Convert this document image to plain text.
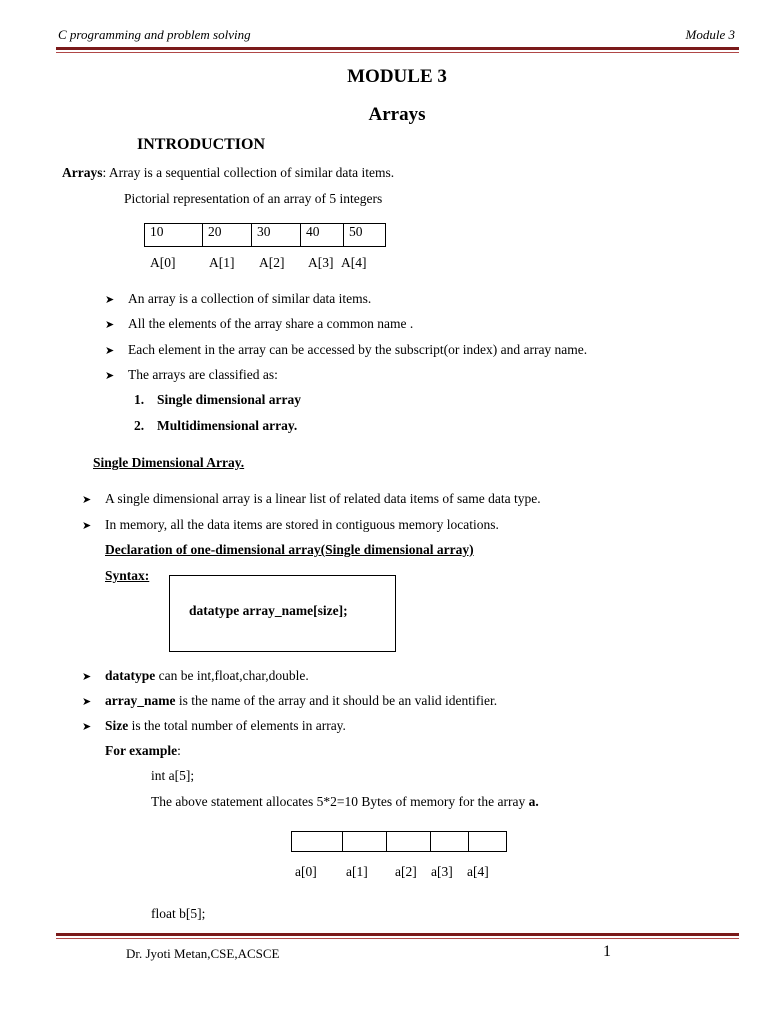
C programming and problem solving	Module 3
MODULE 3
Arrays
INTRODUCTION
Arrays: Array is a sequential collection of similar data items.
Pictorial representation of an array of 5 integers
10	20	30	40	50
A[0] A[1] A[2] A[3] A[4]
➤ An array is a collection of similar data items.
➤ All the elements of the array share a common name .
➤ Each element in the array can be accessed by the subscript(or index) and array name.
➤ The arrays are classified as:
1. Single dimensional array
2. Multidimensional array.
Single Dimensional Array.
➤ A single dimensional array is a linear list of related data items of same data type.
➤ In memory, all the data items are stored in contiguous memory locations.
Declaration of one-dimensional array(Single dimensional array)
Syntax:
datatype array_name[size];
➤ datatype can be int,float,char,double.
➤ array_name is the name of the array and it should be an valid identifier.
➤ Size is the total number of elements in array.
For example:
int a[5];
The above statement allocates 5*2=10 Bytes of memory for the array a.

a[0] a[1] a[2] a[3] a[4]
float b[5];
Dr. Jyoti Metan,CSE,ACSCE	1
